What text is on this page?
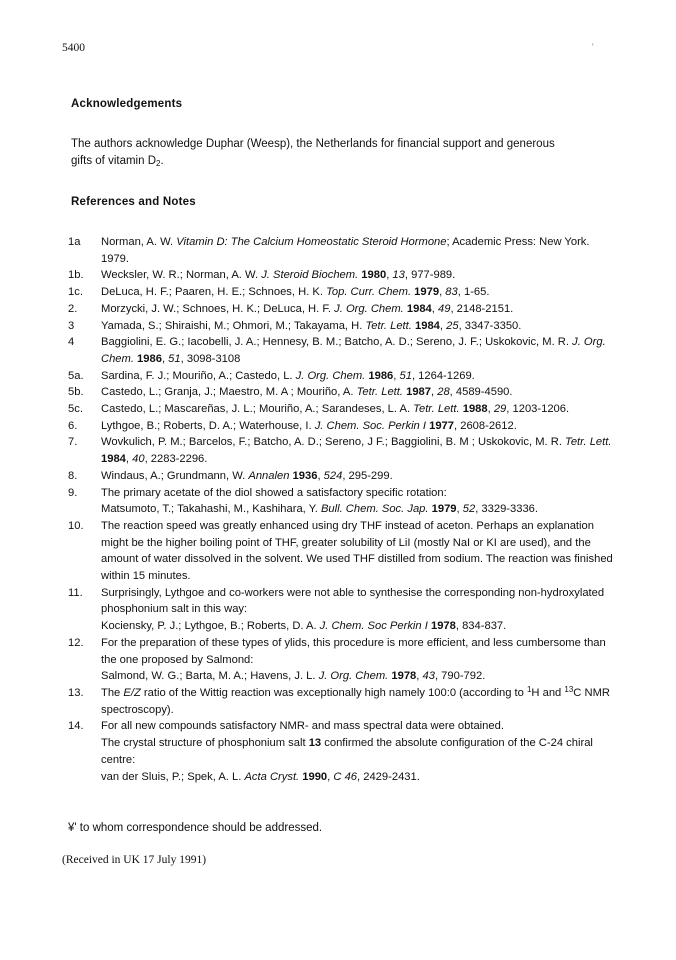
5400	'
Acknowledgements
The authors acknowledge Duphar (Weesp), the Netherlands for financial support and generous
gifts of vitamin $D_2$.
References and Notes
1a	Norman, A. W. Vitamin D: The Calcium Homeostatic Steroid Hormone; Academic Press: New York. 1979.
1b.	Wecksler, W. R.; Norman, A. W. J. Steroid Biochem. 1980, 13, 977-989.
1c.	DeLuca, H. F.; Paaren, H. E.; Schnoes, H. K. Top. Curr. Chem. 1979, 83, 1-65.
2.	Morzycki, J. W.; Schnoes, H. K.; DeLuca, H. F. J. Org. Chem. 1984, 49, 2148-2151.
3	Yamada, S.; Shiraishi, M.; Ohmori, M.; Takayama, H. Tetr. Lett. 1984, 25, 3347-3350.
4	Baggiolini, E. G.; Iacobelli, J. A.; Hennesy, B. M.; Batcho, A. D.; Sereno, J. F.; Uskokovic, M. R. J. Org. Chem. 1986, 51, 3098-3108
5a.	Sardina, F. J.; Mouriño, A.; Castedo, L. J. Org. Chem. 1986, 51, 1264-1269.
5b.	Castedo, L.; Granja, J.; Maestro, M. A ; Mouriño, A. Tetr. Lett. 1987, 28, 4589-4590.
5c.	Castedo, L.; Mascareñas, J. L.; Mouriño, A.; Sarandeses, L. A. Tetr. Lett. 1988, 29, 1203-1206.
6.	Lythgoe, B.; Roberts, D. A.; Waterhouse, I. J. Chem. Soc. Perkin I 1977, 2608-2612.
7.	Wovkulich, P. M.; Barcelos, F.; Batcho, A. D.; Sereno, J F.; Baggiolini, B. M ; Uskokovic, M. R. Tetr. Lett. 1984, 40, 2283-2296.
8.	Windaus, A.; Grundmann, W. Annalen 1936, 524, 295-299.
9.	The primary acetate of the diol showed a satisfactory specific rotation:
Matsumoto, T.; Takahashi, M., Kashihara, Y. Bull. Chem. Soc. Jap. 1979, 52, 3329-3336.
10.	The reaction speed was greatly enhanced using dry THF instead of aceton. Perhaps an explanation might be the higher boiling point of THF, greater solubility of LiI (mostly NaI or KI are used), and the amount of water dissolved in the solvent. We used THF distilled from sodium. The reaction was finished within 15 minutes.
11.	Surprisingly, Lythgoe and co-workers were not able to synthesise the corresponding non-hydroxylated phosphonium salt in this way:
Kociensky, P. J.; Lythgoe, B.; Roberts, D. A. J. Chem. Soc Perkin I 1978, 834-837.
12.	For the preparation of these types of ylids, this procedure is more efficient, and less cumbersome than the one proposed by Salmond:
Salmond, W. G.; Barta, M. A.; Havens, J. L. J. Org. Chem. 1978, 43, 790-792.
13.	The E/Z ratio of the Wittig reaction was exceptionally high namely 100:0 (according to $^1$H and $^{13}$C NMR spectroscopy).
14.	For all new compounds satisfactory NMR- and mass spectral data were obtained.
The crystal structure of phosphonium salt 13 confirmed the absolute configuration of the C-24 chiral centre:
van der Sluis, P.; Spek, A. L. Acta Cryst. 1990, C 46, 2429-2431.
¥' to whom correspondence should be addressed.
(Received in UK 17 July 1991)
